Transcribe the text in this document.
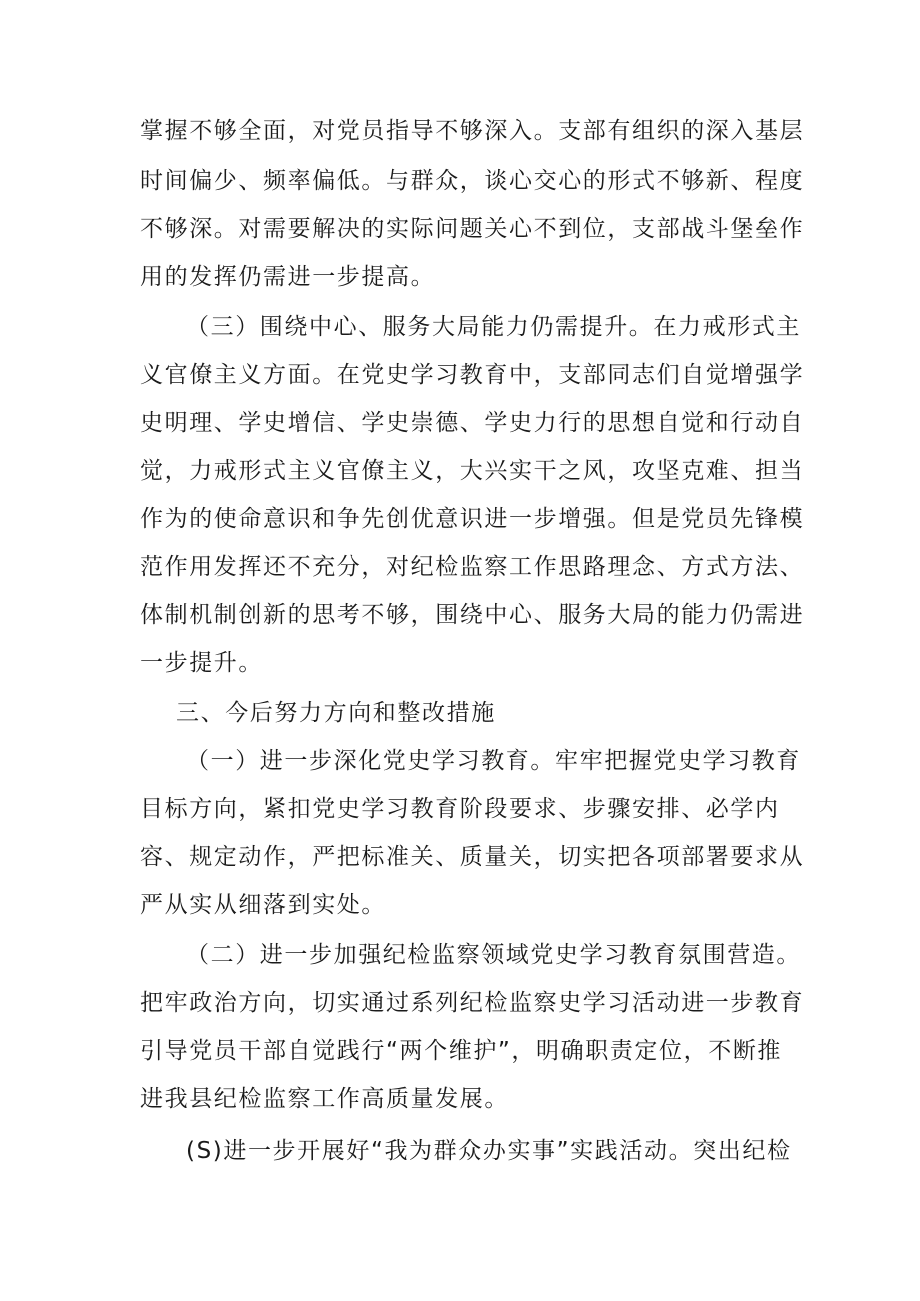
掌握不够全面，对党员指导不够深入。支部有组织的深入基层
时间偏少、频率偏低。与群众，谈心交心的形式不够新、程度
不够深。对需要解决的实际问题关心不到位，支部战斗堡垒作
用的发挥仍需进一步提高。
（三）围绕中心、服务大局能力仍需提升。在力戒形式主
义官僚主义方面。在党史学习教育中，支部同志们自觉增强学
史明理、学史增信、学史崇德、学史力行的思想自觉和行动自
觉，力戒形式主义官僚主义，大兴实干之风，攻坚克难、担当
作为的使命意识和争先创优意识进一步增强。但是党员先锋模
范作用发挥还不充分，对纪检监察工作思路理念、方式方法、
体制机制创新的思考不够，围绕中心、服务大局的能力仍需进
一步提升。
三、今后努力方向和整改措施
（一）进一步深化党史学习教育。牢牢把握党史学习教育
目标方向，紧扣党史学习教育阶段要求、步骤安排、必学内
容、规定动作，严把标准关、质量关，切实把各项部署要求从
严从实从细落到实处。
（二）进一步加强纪检监察领域党史学习教育氛围营造。
把牢政治方向，切实通过系列纪检监察史学习活动进一步教育
引导党员干部自觉践行“两个维护”，明确职责定位，不断推
进我县纪检监察工作高质量发展。
(S)进一步开展好“我为群众办实事”实践活动。突出纪检
